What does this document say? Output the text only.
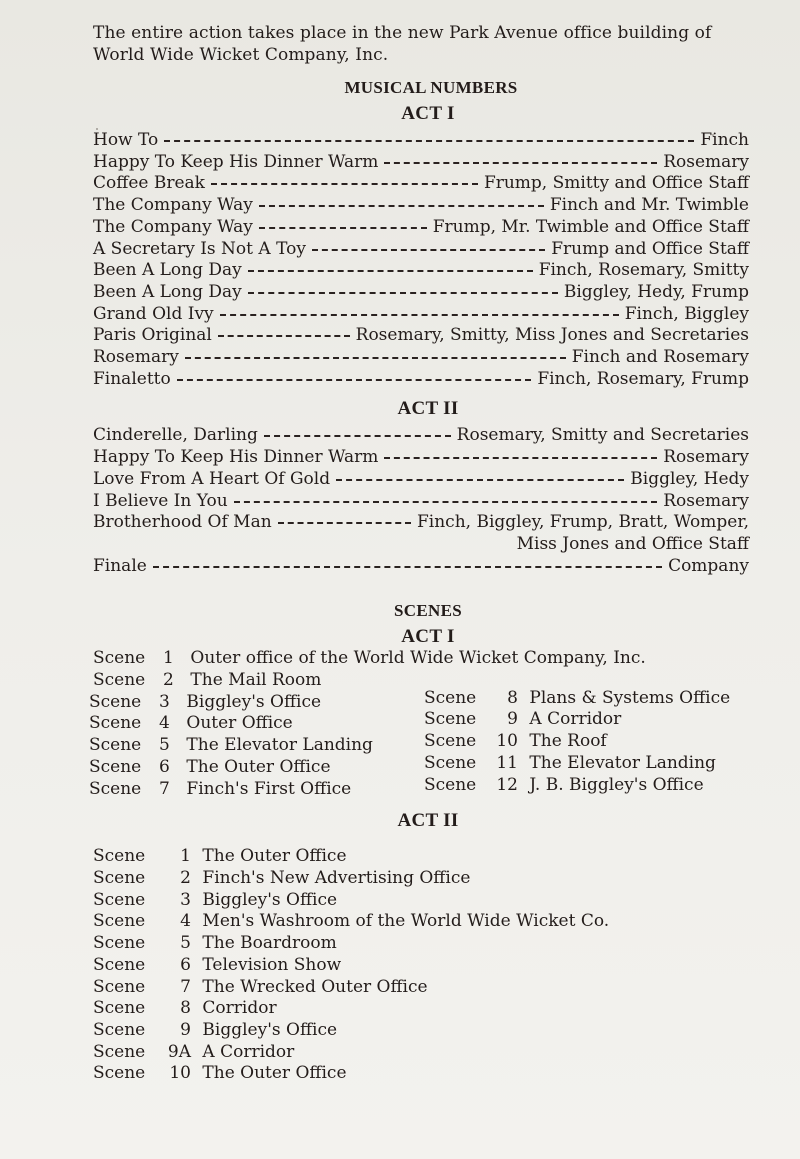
The entire action takes place in the new Park Avenue office building of World Wide Wicket Company, Inc.

MUSICAL NUMBERS
ACT I
How To	Finch
Happy To Keep His Dinner Warm	Rosemary
Coffee Break	Frump, Smitty and Office Staff
The Company Way	Finch and Mr. Twimble
The Company Way	Frump, Mr. Twimble and Office Staff
A Secretary Is Not A Toy	Frump and Office Staff
Been A Long Day	Finch, Rosemary, Smitty
Been A Long Day	Biggley, Hedy, Frump
Grand Old Ivy	Finch, Biggley
Paris Original	Rosemary, Smitty, Miss Jones and Secretaries
Rosemary	Finch and Rosemary
Finaletto	Finch, Rosemary, Frump
ACT II
Cinderelle, Darling	Rosemary, Smitty and Secretaries
Happy To Keep His Dinner Warm	Rosemary
Love From A Heart Of Gold	Biggley, Hedy
I Believe In You	Rosemary
Brotherhood Of Man	Finch, Biggley, Frump, Bratt, Womper,
Miss Jones and Office Staff
Finale	Company
SCENES
ACT I
Scene 1 Outer office of the World Wide Wicket Company, Inc.
Scene 2 The Mail Room
Scene 3 Biggley's Office
Scene 4 Outer Office
Scene 5 The Elevator Landing
Scene 6 The Outer Office
Scene 7 Finch's First Office
Scene 8 Plans & Systems Office
Scene 9 A Corridor
Scene 10 The Roof
Scene 11 The Elevator Landing
Scene 12 J. B. Biggley's Office
ACT II
Scene 1 The Outer Office
Scene 2 Finch's New Advertising Office
Scene 3 Biggley's Office
Scene 4 Men's Washroom of the World Wide Wicket Co.
Scene 5 The Boardroom
Scene 6 Television Show
Scene 7 The Wrecked Outer Office
Scene 8 Corridor
Scene 9 Biggley's Office
Scene 9A A Corridor
Scene 10 The Outer Office
